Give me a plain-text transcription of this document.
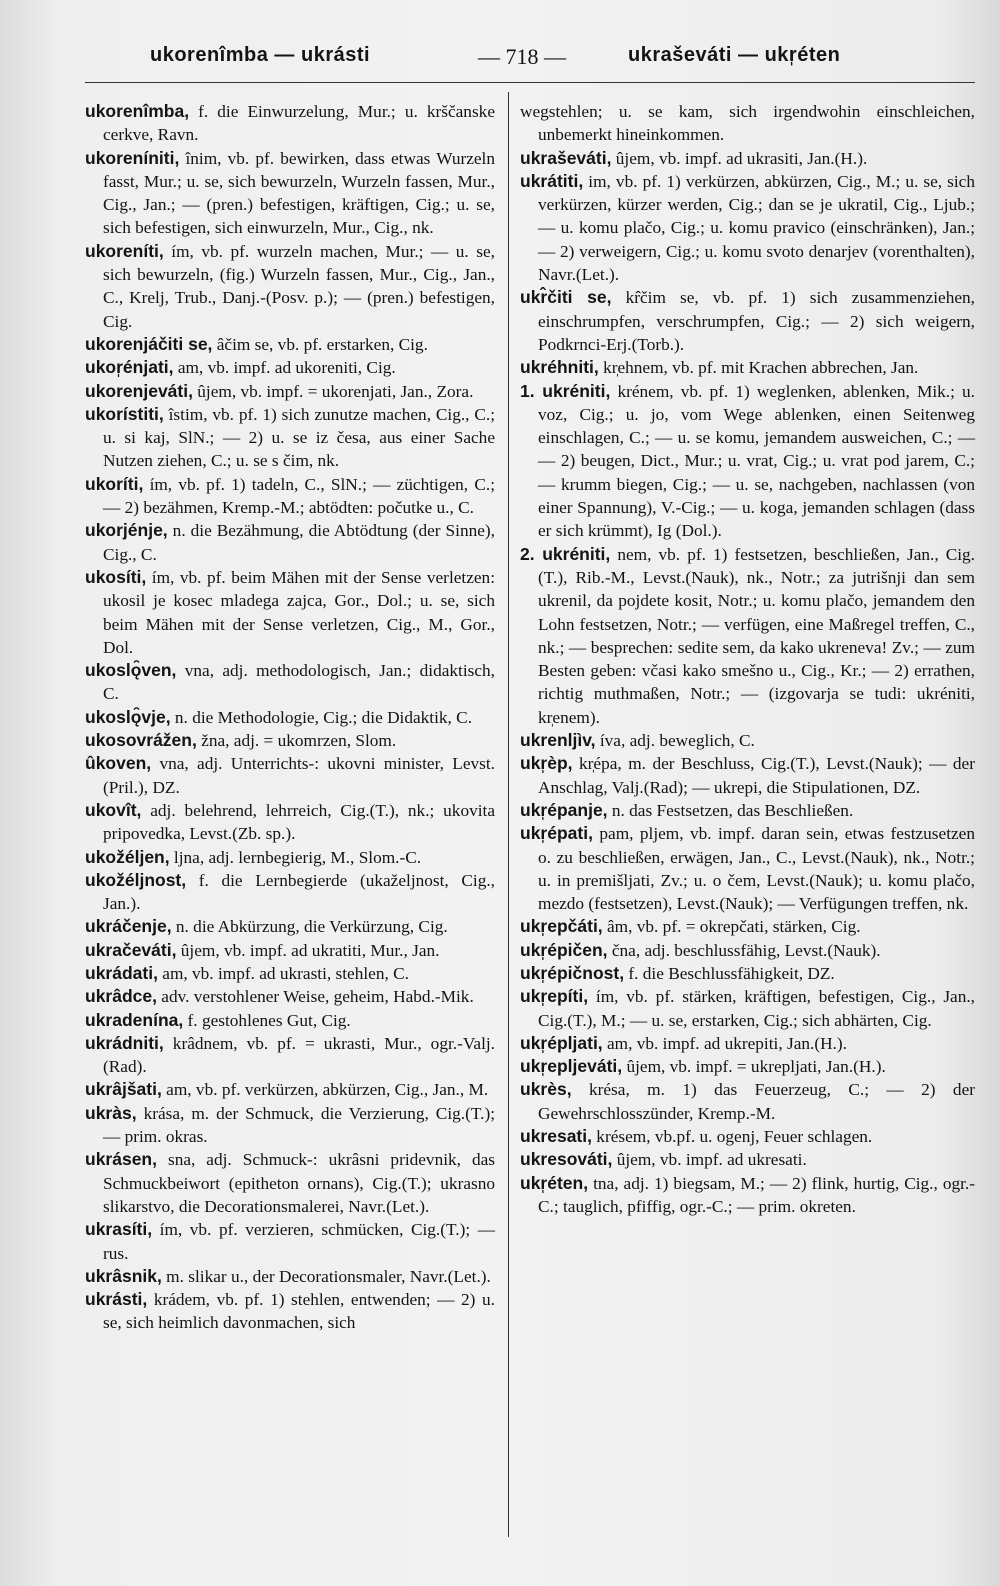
ukorenîmba — ukrásti	— 718 —	ukraševáti — ukr̩éten

ukorenîmba, f. die Einwurzelung, Mur.; u. krščanske cerkve, Ravn.

ukoreníniti, înim, vb. pf. bewirken, dass etwas Wurzeln fasst, Mur.; u. se, sich bewurzeln, Wurzeln fassen, Mur., Cig., Jan.; — (pren.) befestigen, kräftigen, Cig.; u. se, sich befestigen, sich einwurzeln, Mur., Cig., nk.

ukoreníti, ím, vb. pf. wurzeln machen, Mur.; — u. se, sich bewurzeln, (fig.) Wurzeln fassen, Mur., Cig., Jan., C., Krelj, Trub., Danj.-(Posv. p.); — (pren.) befestigen, Cig.

ukorenjáčiti se, âčim se, vb. pf. erstarken, Cig.

ukor̩énjati, am, vb. impf. ad ukoreniti, Cig.

ukorenjeváti, ûjem, vb. impf. = ukorenjati, Jan., Zora.

ukorístiti, îstim, vb. pf. 1) sich zunutze machen, Cig., C.; u. si kaj, SlN.; — 2) u. se iz česa, aus einer Sache Nutzen ziehen, C.; u. se s čim, nk.

ukoríti, ím, vb. pf. 1) tadeln, C., SlN.; — züchtigen, C.; — 2) bezähmen, Kremp.-M.; abtödten: počutke u., C.

ukorjénje, n. die Bezähmung, die Abtödtung (der Sinne), Cig., C.

ukosíti, ím, vb. pf. beim Mähen mit der Sense verletzen: ukosil je kosec mladega zajca, Gor., Dol.; u. se, sich beim Mähen mit der Sense verletzen, Cig., M., Gor., Dol.

ukoslǫ̑ven, vna, adj. methodologisch, Jan.; didaktisch, C.

ukoslǫ̑vje, n. die Methodologie, Cig.; die Didaktik, C.

ukosovrážen, žna, adj. = ukomrzen, Slom.

ûkoven, vna, adj. Unterrichts-: ukovni minister, Levst.(Pril.), DZ.

ukovît, adj. belehrend, lehrreich, Cig.(T.), nk.; ukovita pripovedka, Levst.(Zb. sp.).

ukožéljen, ljna, adj. lernbegierig, M., Slom.-C.

ukožéljnost, f. die Lernbegierde (ukaželjnost, Cig., Jan.).

ukráčenje, n. die Abkürzung, die Verkürzung, Cig.

ukračeváti, ûjem, vb. impf. ad ukratiti, Mur., Jan.

ukrádati, am, vb. impf. ad ukrasti, stehlen, C.

ukrâdce, adv. verstohlener Weise, geheim, Habd.-Mik.

ukradenína, f. gestohlenes Gut, Cig.

ukrádniti, krâdnem, vb. pf. = ukrasti, Mur., ogr.-Valj.(Rad).

ukrâjšati, am, vb. pf. verkürzen, abkürzen, Cig., Jan., M.

ukràs, krása, m. der Schmuck, die Verzierung, Cig.(T.); — prim. okras.

ukrásen, sna, adj. Schmuck-: ukrâsni pridevnik, das Schmuckbeiwort (epitheton ornans), Cig.(T.); ukrasno slikarstvo, die Decorationsmalerei, Navr.(Let.).

ukrasíti, ím, vb. pf. verzieren, schmücken, Cig.(T.); — rus.

ukrâsnik, m. slikar u., der Decorationsmaler, Navr.(Let.).

ukrásti, krádem, vb. pf. 1) stehlen, entwenden; — 2) u. se, sich heimlich davonmachen, sich

wegstehlen; u. se kam, sich irgendwohin einschleichen, unbemerkt hineinkommen.

ukraševáti, ûjem, vb. impf. ad ukrasiti, Jan.(H.).

ukrátiti, im, vb. pf. 1) verkürzen, abkürzen, Cig., M.; u. se, sich verkürzen, kürzer werden, Cig.; dan se je ukratil, Cig., Ljub.; — u. komu plačo, Cig.; u. komu pravico (einschränken), Jan.; — 2) verweigern, Cig.; u. komu svoto denarjev (vorenthalten), Navr.(Let.).

ukr̂čiti se, kr̂čim se, vb. pf. 1) sich zusammenziehen, einschrumpfen, verschrumpfen, Cig.; — 2) sich weigern, Podkrnci-Erj.(Torb.).

ukréhniti, kr̩ehnem, vb. pf. mit Krachen abbrechen, Jan.

1. ukréniti, krénem, vb. pf. 1) weglenken, ablenken, Mik.; u. voz, Cig.; u. jo, vom Wege ablenken, einen Seitenweg einschlagen, C.; — u. se komu, jemandem ausweichen, C.; — — 2) beugen, Dict., Mur.; u. vrat, Cig.; u. vrat pod jarem, C.; — krumm biegen, Cig.; — u. se, nachgeben, nachlassen (von einer Spannung), V.-Cig.; — u. koga, jemanden schlagen (dass er sich krümmt), Ig (Dol.).

2. ukréniti, nem, vb. pf. 1) festsetzen, beschließen, Jan., Cig.(T.), Rib.-M., Levst.(Nauk), nk., Notr.; za jutrišnji dan sem ukrenil, da pojdete kosit, Notr.; u. komu plačo, jemandem den Lohn festsetzen, Notr.; — verfügen, eine Maßregel treffen, C., nk.; — besprechen: sedite sem, da kako ukreneva! Zv.; — zum Besten geben: včasi kako smešno u., Cig., Kr.; — 2) errathen, richtig muthmaßen, Notr.; — (izgovarja se tudi: ukréniti, kr̩enem).

ukrenljìv, íva, adj. beweglich, C.

ukr̩èp, kr̩épa, m. der Beschluss, Cig.(T.), Levst.(Nauk); — der Anschlag, Valj.(Rad); — ukrepi, die Stipulationen, DZ.

ukr̩épanje, n. das Festsetzen, das Beschließen.

ukr̩épati, pam, pljem, vb. impf. daran sein, etwas festzusetzen o. zu beschließen, erwägen, Jan., C., Levst.(Nauk), nk., Notr.; u. in premišljati, Zv.; u. o čem, Levst.(Nauk); u. komu plačo, mezdo (festsetzen), Levst.(Nauk); — Verfügungen treffen, nk.

ukr̩epčáti, âm, vb. pf. = okrepčati, stärken, Cig.

ukr̩épičen, čna, adj. beschlussfähig, Levst.(Nauk).

ukr̩épičnost, f. die Beschlussfähigkeit, DZ.

ukr̩epíti, ím, vb. pf. stärken, kräftigen, befestigen, Cig., Jan., Cig.(T.), M.; — u. se, erstarken, Cig.; sich abhärten, Cig.

ukr̩épljati, am, vb. impf. ad ukrepiti, Jan.(H.).

ukr̩epljeváti, ûjem, vb. impf. = ukrepljati, Jan.(H.).

ukrès, krésa, m. 1) das Feuerzeug, C.; — 2) der Gewehrschlosszünder, Kremp.-M.

ukresati, krésem, vb.pf. u. ogenj, Feuer schlagen.

ukresováti, ûjem, vb. impf. ad ukresati.

ukr̩éten, tna, adj. 1) biegsam, M.; — 2) flink, hurtig, Cig., ogr.-C.; tauglich, pfiffig, ogr.-C.; — prim. okreten.
